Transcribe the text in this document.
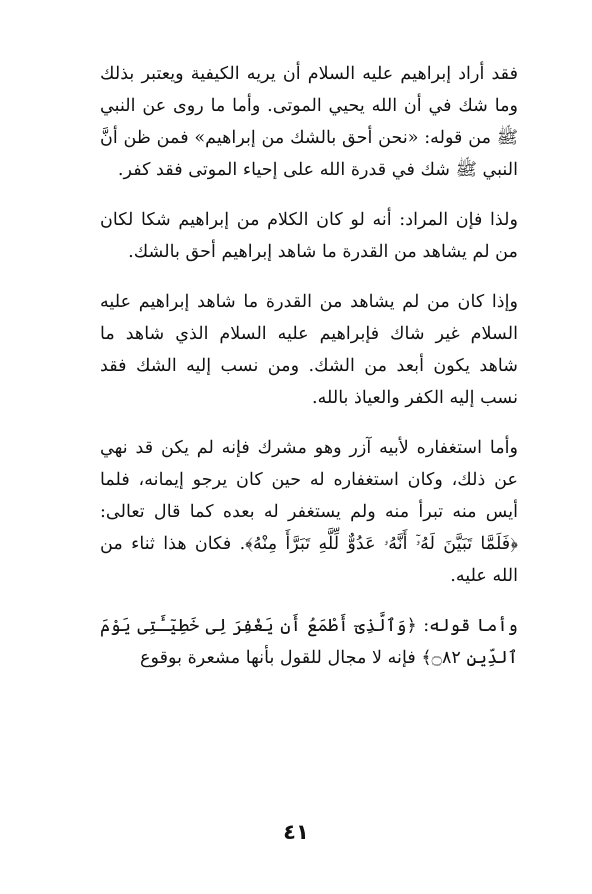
فقد أراد إبراهيم عليه السلام أن يريه الكيفية ويعتبر بذلك وما شك في أن الله يحيي الموتى. وأما ما روى عن النبي ﷺ من قوله: «نحن أحق بالشك من إبراهيم» فمن ظن أنَّ النبي ﷺ شك في قدرة الله على إحياء الموتى فقد كفر.

ولذا فإن المراد: أنه لو كان الكلام من إبراهيم شكا لكان من لم يشاهد من القدرة ما شاهد إبراهيم أحق بالشك.

وإذا كان من لم يشاهد من القدرة ما شاهد إبراهيم عليه السلام غير شاك فإبراهيم عليه السلام الذي شاهد ما شاهد يكون أبعد من الشك. ومن نسب إليه الشك فقد نسب إليه الكفر والعياذ بالله.

وأما استغفاره لأبيه آزر وهو مشرك فإنه لم يكن قد نهي عن ذلك، وكان استغفاره له حين كان يرجو إيمانه، فلما أيس منه تبرأ منه ولم يستغفر له بعده كما قال تعالى: ﴿فَلَمَّا تَبَيَّنَ لَهُۥٓ أَنَّهُۥ عَدُوٌّ لِّلَّهِ تَبَرَّأَ مِنْهُ﴾. فكان هذا ثناء من الله عليه.

وأما قوله: ﴿وَٱلَّذِىٓ أَطْمَعُ أَن يَغْفِرَ لِى خَطِيٓـَٔتِى يَوْمَ ٱلدِّينِ ۝٨٢﴾ فإنه لا مجال للقول بأنها مشعرة بوقوع

٤١
